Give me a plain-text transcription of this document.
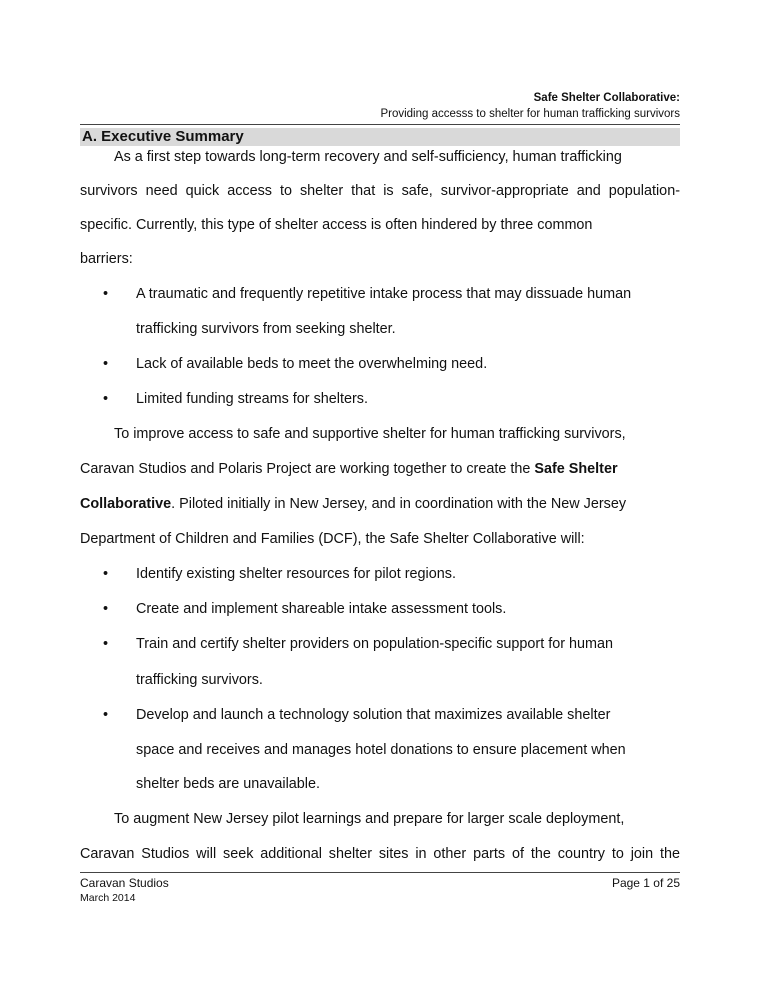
Safe Shelter Collaborative:
Providing accesss to shelter for human trafficking survivors
A. Executive Summary
As a first step towards long-term recovery and self-sufficiency, human trafficking
survivors need quick access to shelter that is safe, survivor-appropriate and population-
specific. Currently, this type of shelter access is often hindered by three common
barriers:
• A traumatic and frequently repetitive intake process that may dissuade human
trafficking survivors from seeking shelter.
• Lack of available beds to meet the overwhelming need.
• Limited funding streams for shelters.
To improve access to safe and supportive shelter for human trafficking survivors,
Caravan Studios and Polaris Project are working together to create the Safe Shelter
Collaborative. Piloted initially in New Jersey, and in coordination with the New Jersey
Department of Children and Families (DCF), the Safe Shelter Collaborative will:
• Identify existing shelter resources for pilot regions.
• Create and implement shareable intake assessment tools.
• Train and certify shelter providers on population-specific support for human
trafficking survivors.
• Develop and launch a technology solution that maximizes available shelter
space and receives and manages hotel donations to ensure placement when
shelter beds are unavailable.
To augment New Jersey pilot learnings and prepare for larger scale deployment,
Caravan Studios will seek additional shelter sites in other parts of the country to join the
Caravan Studios
March 2014
Page 1 of 25
